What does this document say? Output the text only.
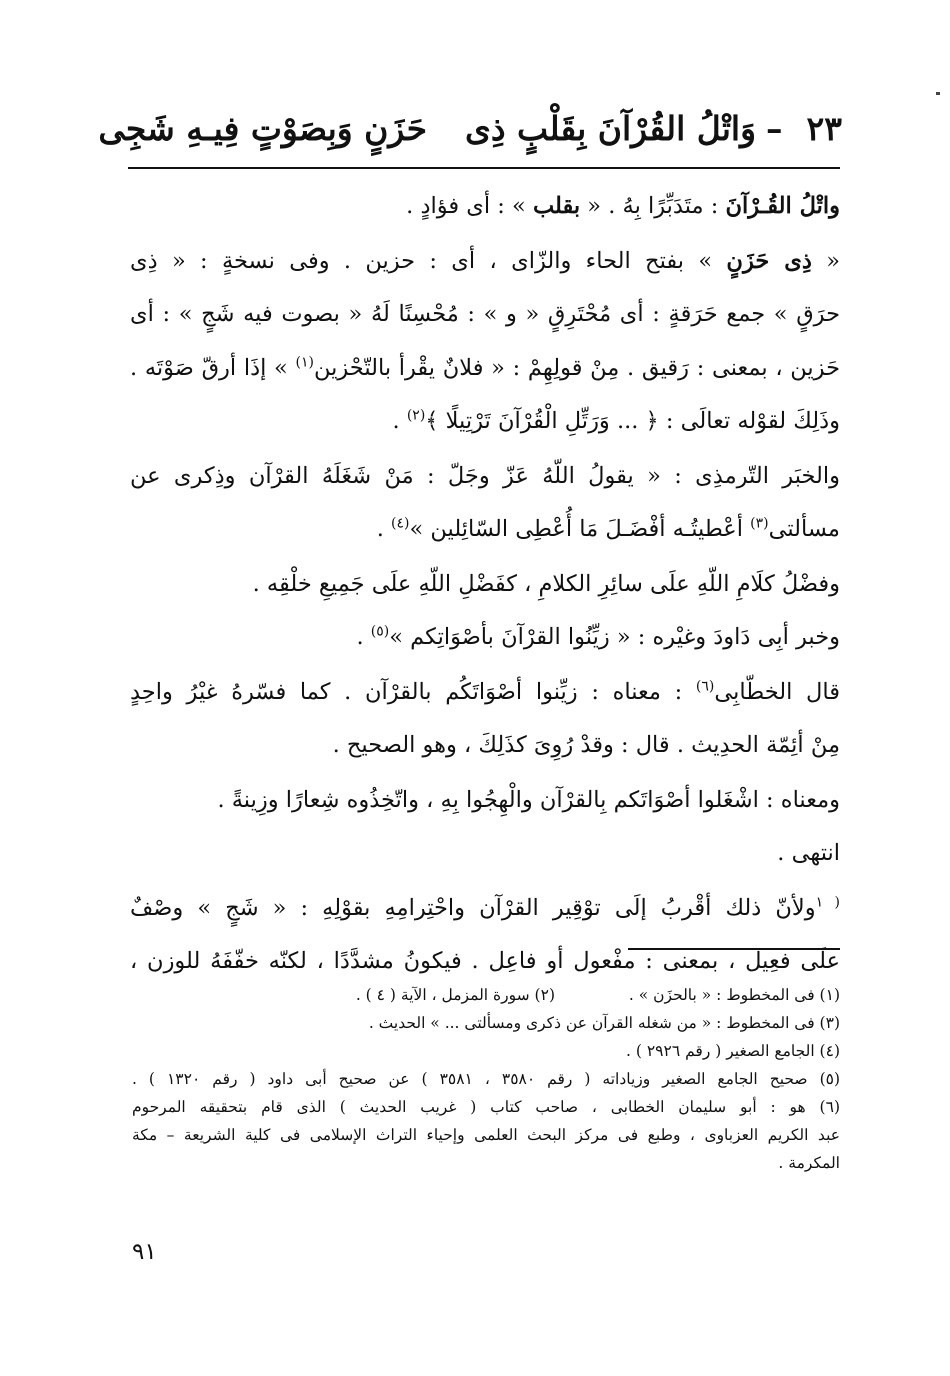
٢٣–وَاتْلُ القُرْآنَ بِقَلْبٍ ذِىحَزَنٍ وَبِصَوْتٍ فِيـهِ شَجِى

واتْلُ القُـرْآنَ : متَدَبِّرًا بِهُ . « بقلب » : أى فؤادٍ .

« ذِى حَزَنٍ » بفتح الحاء والزّاى ، أى : حزين . وفى نسخةٍ : « ذِى

حرَقٍ » جمع حَرَقةٍ : أى مُحْتَرِقٍ « و » : مُحْسِنًا لَهُ « بصوت فيه شَجٍ » : أى

حَزين ، بمعنى : رَقيق . مِنْ قولِهِمْ : « فلانٌ يقْرأ بالتّحْزين$^{(١)}$ » إذَا أرقّ صَوْتَه .

وذَلِكَ لقوْله تعالَى : ﴿ ... وَرَتِّلِ الْقُرْآنَ تَرْتِيلًا ﴾$^{(٢)}$ .

والخبَر التّرمذِى : « يقولُ اللّهُ عَزّ وجَلّ : مَنْ شَغَلَهُ القرْآن وذِكرى عن

مسألتى$^{(٣)}$ أعْطيتُـه أفْضَـلَ مَا أُعْطِى السّائِلين »$^{(٤)}$ .

وفضْلُ كلَامِ اللّهِ علَى سائِرِ الكلامِ ، كفَضْلِ اللّهِ علَى جَمِيعِ خلْقِه .

وخبر أبِى دَاودَ وغيْره : « زيِّنُوا القرْآنَ بأصْوَاتِكم »$^{(٥)}$ .

قال الخطّابِى$^{(٦)}$ : معناه : زيِّنوا أصْوَاتَكُم بالقرْآن . كما فسّرهُ غيْرُ واحِدٍ

مِنْ أئِمّة الحدِيث . قال : وقدْ رُوِىَ كذَلِكَ ، وهو الصحيح .

ومعناه : اشْغَلوا أصْوَاتَكم بِالقرْآن والْهِجُوا بِهِ ، واتّخِذُوه شِعارًا وزِينةً .

انتهى .

$^{( ١}$ولأنّ ذلك أقْربُ إلَى توْقِير القرْآن واحْتِرامِهِ بقوْلِهِ : « شَجٍ » وصْفٌ

علَى فعِيل ، بمعنى : مفْعول أو فاعِل . فيكونُ مشدَّدًا ، لكنّه خفّفَهُ للوزن ،

(١) فى المخطوط : « بالحزَن » .(٢) سورة المزمل ، الآية ( ٤ ) .

(٣) فى المخطوط : « من شغله القرآن عن ذكرى ومسألتى ... » الحديث .

(٤) الجامع الصغير ( رقم ٢٩٢٦ ) .

(٥) صحيح الجامع الصغير وزياداته ( رقم ٣٥٨٠ ، ٣٥٨١ ) عن صحيح أبى داود ( رقم ١٣٢٠ ) .

(٦) هو : أبو سليمان الخطابى ، صاحب كتاب ( غريب الحديث ) الذى قام بتحقيقه المرحوم

عبد الكريم العزباوى ، وطبع فى مركز البحث العلمى وإحياء التراث الإسلامى فى كلية الشريعة – مكة

المكرمة .

٩١
